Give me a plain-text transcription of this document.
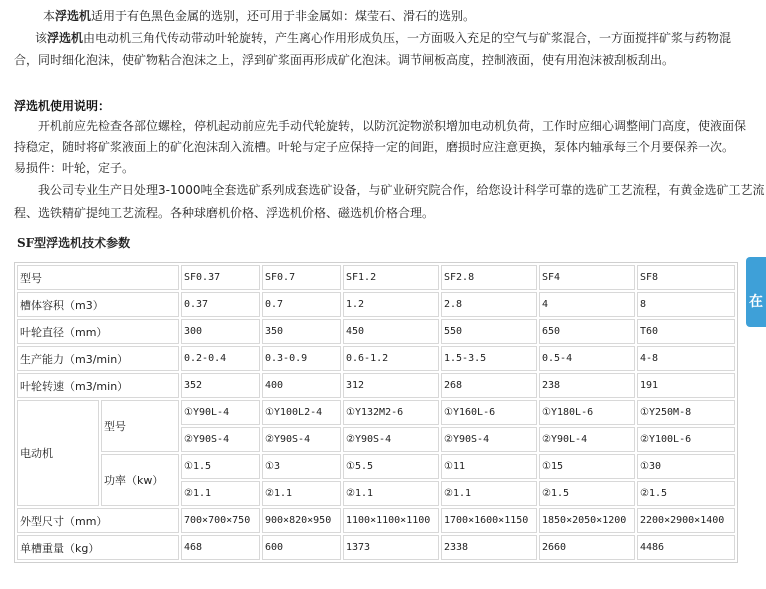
本浮选机适用于有色黑色金属的选别，还可用于非金属如：煤莹石、滑石的选别。

该浮选机由电动机三角代传动带动叶轮旋转，产生离心作用形成负压，一方面吸入充足的空气与矿浆混合，一方面搅拌矿浆与药物混

合，同时细化泡沫，使矿物粘合泡沫之上，浮到矿浆面再形成矿化泡沫。调节闸板高度，控制液面，使有用泡沫被刮板刮出。

浮选机使用说明：

开机前应先检查各部位螺栓，停机起动前应先手动代轮旋转，以防沉淀物淤积增加电动机负荷，工作时应细心调整闸门高度，使液面保

持稳定，随时将矿浆液面上的矿化泡沫刮入流槽。叶轮与定子应保持一定的间距，磨损时应注意更换，泵体内轴承每三个月要保养一次。

易损件：叶轮，定子。

我公司专业生产日处理3-1000吨全套选矿系列成套选矿设备，与矿业研究院合作，给您设计科学可靠的选矿工艺流程，有黄金选矿工艺流

程、选铁精矿提纯工艺流程。各种球磨机价格、浮选机价格、磁选机价格合理。

SF型浮选机技术参数
型号		SF0.37	SF0.7	SF1.2	SF2.8	SF4	SF8
槽体容积（m3）		0.37	0.7	1.2	2.8	4	8
叶轮直径（mm）		300	350	450	550	650	T60
生产能力（m3/min）		0.2-0.4	0.3-0.9	0.6-1.2	1.5-3.5	0.5-4	4-8
叶轮转速（m3/min）		352	400	312	268	238	191
电动机	型号	①Y90L-4	①Y100L2-4	①Y132M2-6	①Y160L-6	①Y180L-6	①Y250M-8
		②Y90S-4	②Y90S-4	②Y90S-4	②Y90S-4	②Y90L-4	②Y100L-6
	功率（kw）	①1.5	①3	①5.5	①11	①15	①30
		②1.1	②1.1	②1.1	②1.1	②1.5	②1.5
外型尺寸（mm）		700×700×750	900×820×950	1100×1100×1100	1700×1600×1150	1850×2050×1200	2200×2900×1400
单槽重量（kg）		468	600	1373	2338	2660	4486
在
